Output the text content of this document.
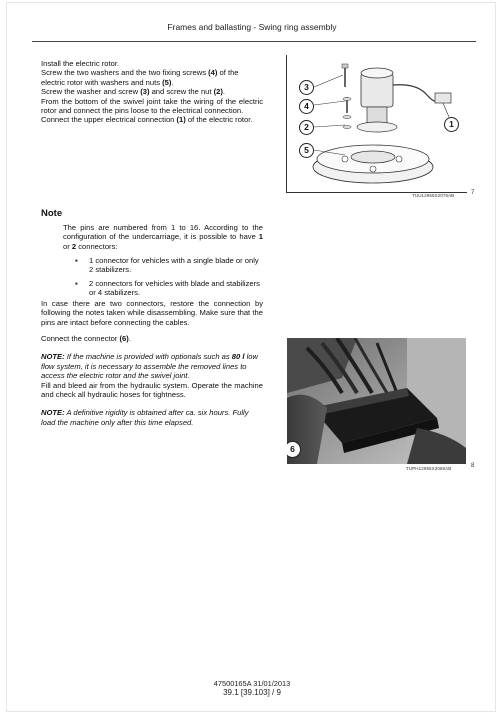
Frames and ballasting - Swing ring assembly

Install the electric rotor.

Screw the two washers and the two fixing screws (4) of the electric rotor with washers and nuts (5).

Screw the washer and screw (3) and screw the nut (2).

From the bottom of the swivel joint take the wiring of the electric rotor and connect the pins loose to the electrical connection.

Connect the upper electrical connection (1) of the electric rotor.

3
4
2
5
1
TUU12955X2076AB	7
Note

The pins are numbered from 1 to 16. According to the configuration of the undercarriage, it is possible to have 1 or 2 connectors:

▪ 1 connector for vehicles with a single blade or only 2 stabilizers.
▪ 2 connectors for vehicles with blade and stabilizers or 4 stabilizers.
In case there are two connectors, restore the connection by following the notes taken while disassembling. Make sure that the pins are intact before connecting the cables.

Connect the connector (6).

NOTE: If the machine is provided with optionals such as 80 l low flow system, it is necessary to assemble the removed lines to access the electric rotor and the swivel joint.

Fill and bleed air from the hydraulic system. Operate the machine and check all hydraulic hoses for tightness.

NOTE: A definitive rigidity is obtained after ca. six hours. Fully load the machine only after this time elapsed.

6
TUPH12955X2080AB	8
47500165A 31/01/2013
39.1 [39.103] / 9
